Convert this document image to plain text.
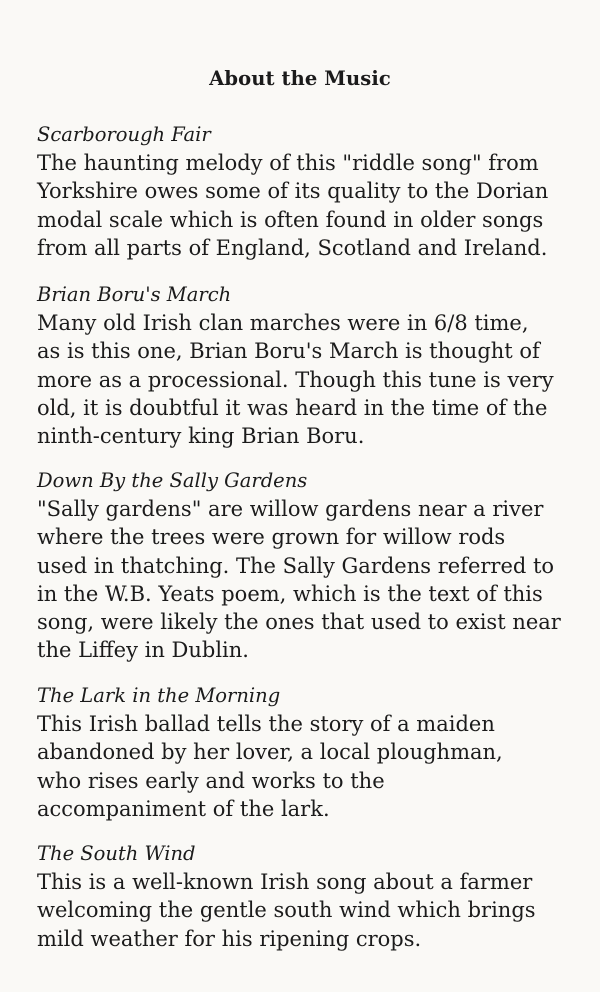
About the Music

Scarborough Fair

The haunting melody of this "riddle song" from
Yorkshire owes some of its quality to the Dorian
modal scale which is often found in older songs
from all parts of England, Scotland and Ireland.

Brian Boru's March

Many old Irish clan marches were in 6/8 time,
as is this one, Brian Boru's March is thought of
more as a processional. Though this tune is very
old, it is doubtful it was heard in the time of the
ninth-century king Brian Boru.

Down By the Sally Gardens

"Sally gardens" are willow gardens near a river
where the trees were grown for willow rods
used in thatching. The Sally Gardens referred to
in the W.B. Yeats poem, which is the text of this
song, were likely the ones that used to exist near
the Liffey in Dublin.

The Lark in the Morning

This Irish ballad tells the story of a maiden
abandoned by her lover, a local ploughman,
who rises early and works to the
accompaniment of the lark.

The South Wind

This is a well-known Irish song about a farmer
welcoming the gentle south wind which brings
mild weather for his ripening crops.
